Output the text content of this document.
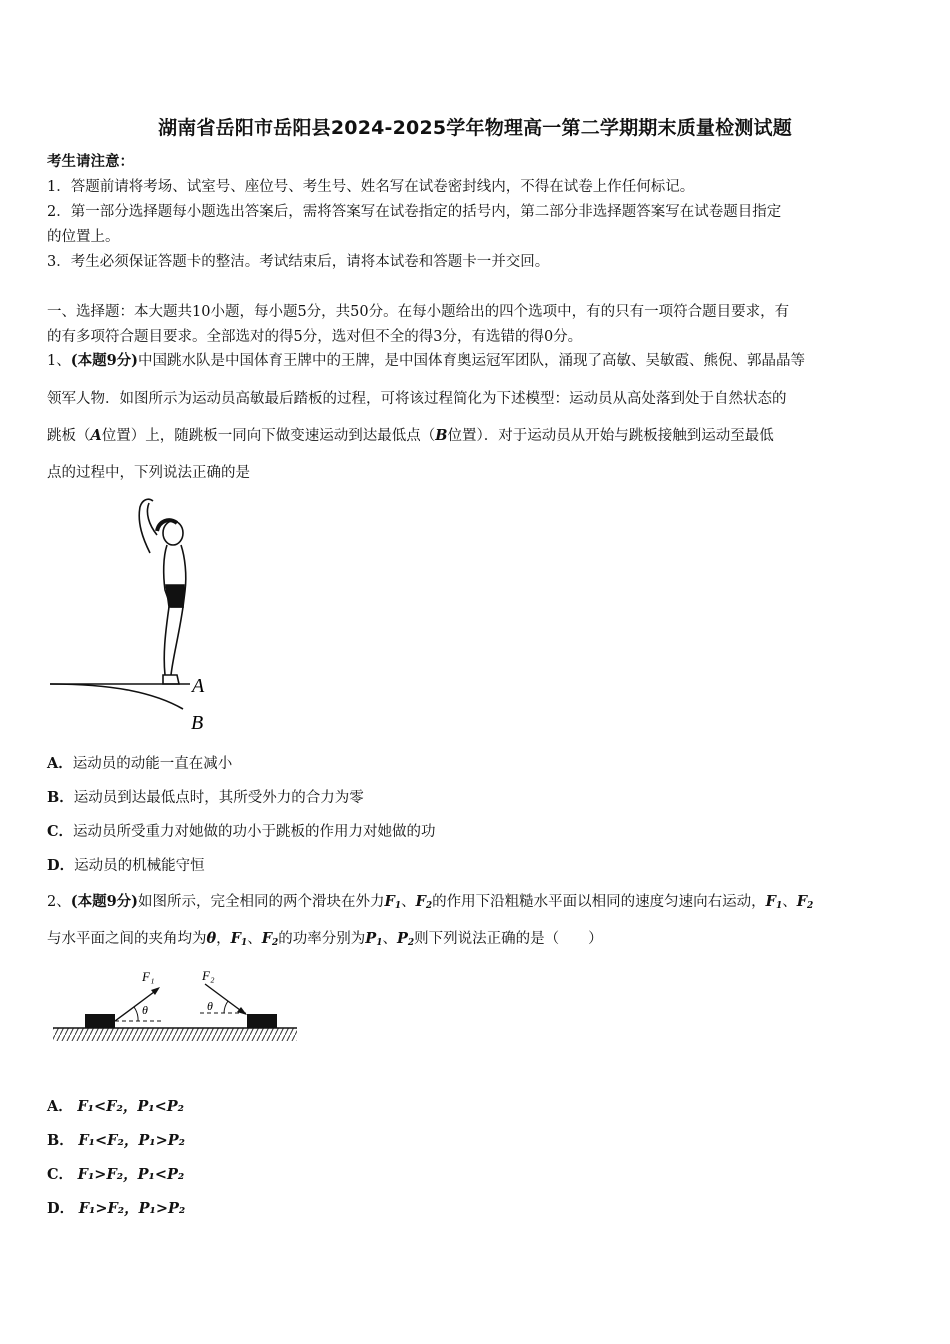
湖南省岳阳市岳阳县2024-2025学年物理高一第二学期期末质量检测试题
考生请注意：
1．答题前请将考场、试室号、座位号、考生号、姓名写在试卷密封线内，不得在试卷上作任何标记。
2．第一部分选择题每小题选出答案后，需将答案写在试卷指定的括号内，第二部分非选择题答案写在试卷题目指定
的位置上。
3．考生必须保证答题卡的整洁。考试结束后，请将本试卷和答题卡一并交回。
一、选择题：本大题共10小题，每小题5分，共50分。在每小题给出的四个选项中，有的只有一项符合题目要求，有
的有多项符合题目要求。全部选对的得5分，选对但不全的得3分，有选错的得0分。
1、(本题9分)中国跳水队是中国体育王牌中的王牌，是中国体育奥运冠军团队，涌现了高敏、吴敏霞、熊倪、郭晶晶等
领军人物．如图所示为运动员高敏最后踏板的过程，可将该过程简化为下述模型：运动员从高处落到处于自然状态的
跳板（A位置）上，随跳板一同向下做变速运动到达最低点（B位置）．对于运动员从开始与跳板接触到运动至最低
点的过程中，下列说法正确的是
A
B
A．运动员的动能一直在减小
B．运动员到达最低点时，其所受外力的合力为零
C．运动员所受重力对她做的功小于跳板的作用力对她做的功
D．运动员的机械能守恒
2、(本题9分)如图所示，完全相同的两个滑块在外力$F_1$、$F_2$的作用下沿粗糙水平面以相同的速度匀速向右运动，$F_1$、$F_2$
与水平面之间的夹角均为θ，$F_1$、$F_2$的功率分别为$P_1$、$P_2$则下列说法正确的是（　　）
F₁
θ
F₂
θ
A． F₁<F₂，P₁<P₂
B． F₁<F₂，P₁>P₂
C． F₁>F₂，P₁<P₂
D． F₁>F₂，P₁>P₂
